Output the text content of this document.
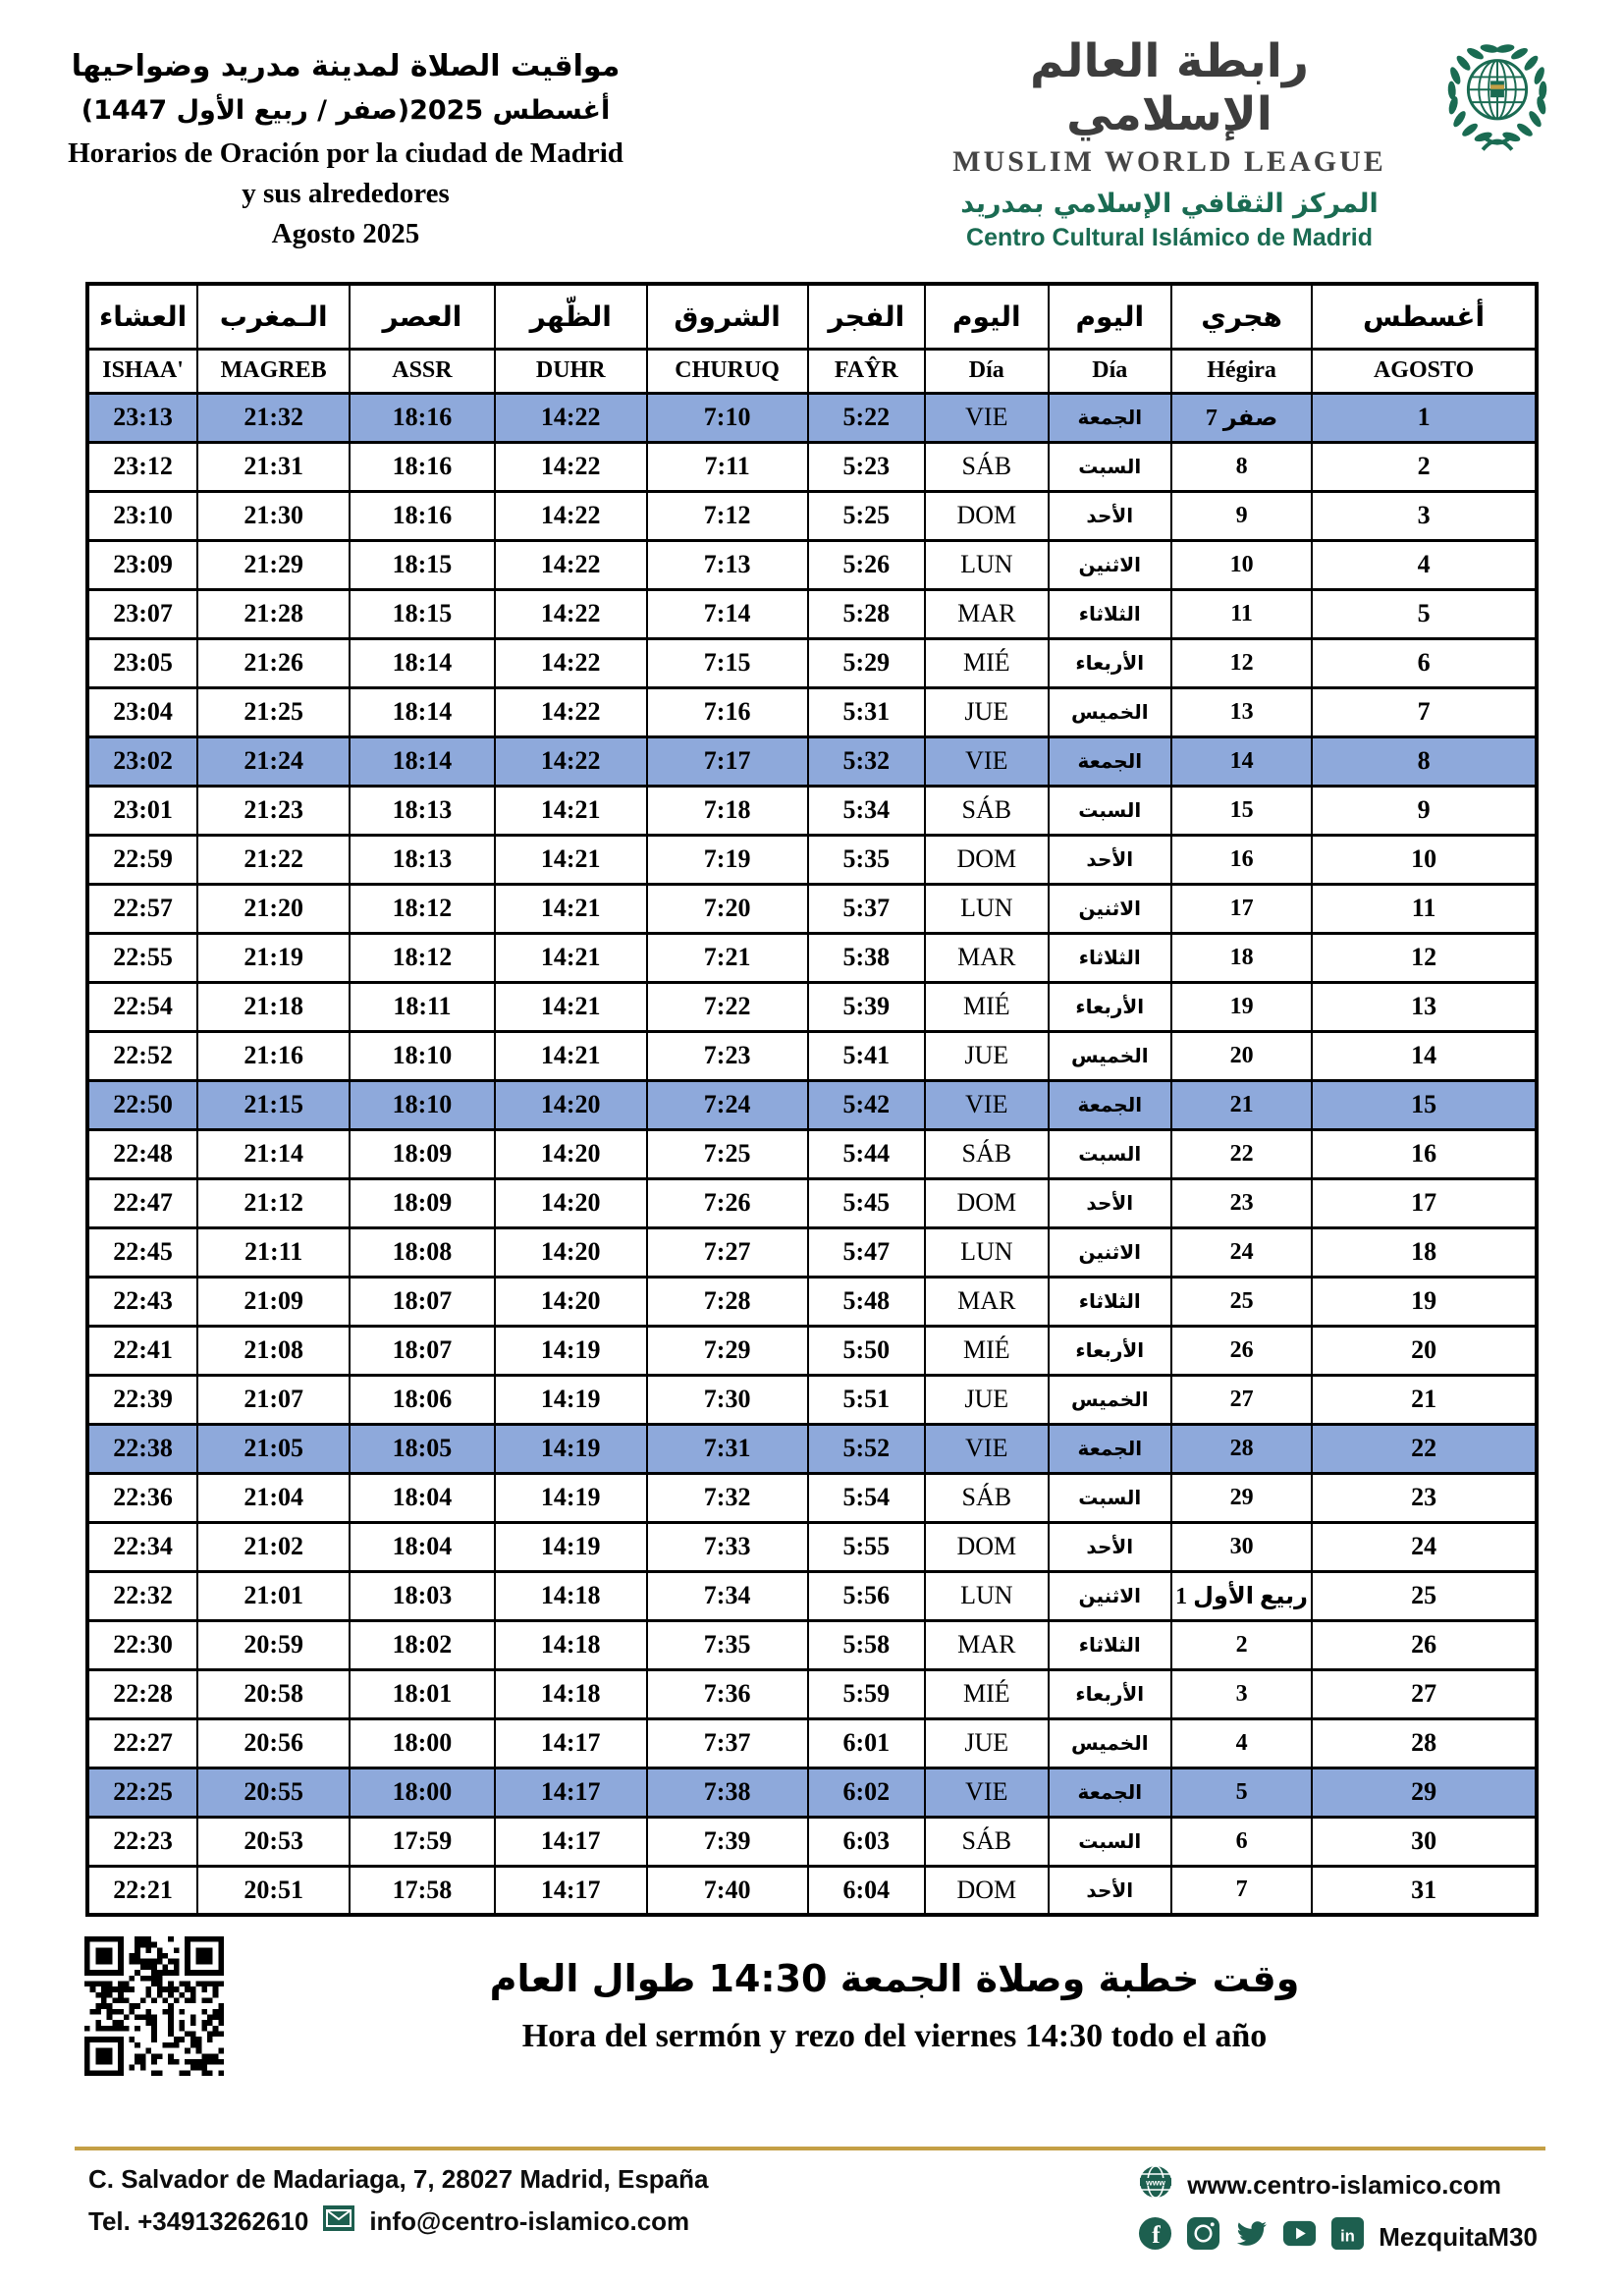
مواقيت الصلاة لمدينة مدريد وضواحيها
أغسطس 2025(صفر / ربيع الأول 1447)
Horarios de Oración por la ciudad de Madrid
y sus alrededores
Agosto 2025
رابطة العالم الإسلامي
MUSLIM WORLD LEAGUE
المركز الثقافي الإسلامي بمدريد
Centro Cultural Islámico de Madrid
العشاء	الـمغرب	العصر	الظّهر	الشروق	الفجر	اليوم	اليوم	هجري	أغسطس
ISHAA'	MAGREB	ASSR	DUHR	CHURUQ	FAŶR	Día	Día	Hégira	AGOSTO
23:13	21:32	18:16	14:22	7:10	5:22	VIE	الجمعة	7 صفر	1
23:12	21:31	18:16	14:22	7:11	5:23	SÁB	السبت	8	2
23:10	21:30	18:16	14:22	7:12	5:25	DOM	الأحد	9	3
23:09	21:29	18:15	14:22	7:13	5:26	LUN	الاثنين	10	4
23:07	21:28	18:15	14:22	7:14	5:28	MAR	الثلاثاء	11	5
23:05	21:26	18:14	14:22	7:15	5:29	MIÉ	الأربعاء	12	6
23:04	21:25	18:14	14:22	7:16	5:31	JUE	الخميس	13	7
23:02	21:24	18:14	14:22	7:17	5:32	VIE	الجمعة	14	8
23:01	21:23	18:13	14:21	7:18	5:34	SÁB	السبت	15	9
22:59	21:22	18:13	14:21	7:19	5:35	DOM	الأحد	16	10
22:57	21:20	18:12	14:21	7:20	5:37	LUN	الاثنين	17	11
22:55	21:19	18:12	14:21	7:21	5:38	MAR	الثلاثاء	18	12
22:54	21:18	18:11	14:21	7:22	5:39	MIÉ	الأربعاء	19	13
22:52	21:16	18:10	14:21	7:23	5:41	JUE	الخميس	20	14
22:50	21:15	18:10	14:20	7:24	5:42	VIE	الجمعة	21	15
22:48	21:14	18:09	14:20	7:25	5:44	SÁB	السبت	22	16
22:47	21:12	18:09	14:20	7:26	5:45	DOM	الأحد	23	17
22:45	21:11	18:08	14:20	7:27	5:47	LUN	الاثنين	24	18
22:43	21:09	18:07	14:20	7:28	5:48	MAR	الثلاثاء	25	19
22:41	21:08	18:07	14:19	7:29	5:50	MIÉ	الأربعاء	26	20
22:39	21:07	18:06	14:19	7:30	5:51	JUE	الخميس	27	21
22:38	21:05	18:05	14:19	7:31	5:52	VIE	الجمعة	28	22
22:36	21:04	18:04	14:19	7:32	5:54	SÁB	السبت	29	23
22:34	21:02	18:04	14:19	7:33	5:55	DOM	الأحد	30	24
22:32	21:01	18:03	14:18	7:34	5:56	LUN	الاثنين	1 ربيع الأول	25
22:30	20:59	18:02	14:18	7:35	5:58	MAR	الثلاثاء	2	26
22:28	20:58	18:01	14:18	7:36	5:59	MIÉ	الأربعاء	3	27
22:27	20:56	18:00	14:17	7:37	6:01	JUE	الخميس	4	28
22:25	20:55	18:00	14:17	7:38	6:02	VIE	الجمعة	5	29
22:23	20:53	17:59	14:17	7:39	6:03	SÁB	السبت	6	30
22:21	20:51	17:58	14:17	7:40	6:04	DOM	الأحد	7	31
وقت خطبة وصلاة الجمعة 14:30 طوال العام
Hora del sermón y rezo del viernes 14:30 todo el año
C. Salvador de Madariaga, 7, 28027 Madrid, España
Tel. +34913262610 info@centro-islamico.com
www www.centro-islamico.com
f	in MezquitaM30
